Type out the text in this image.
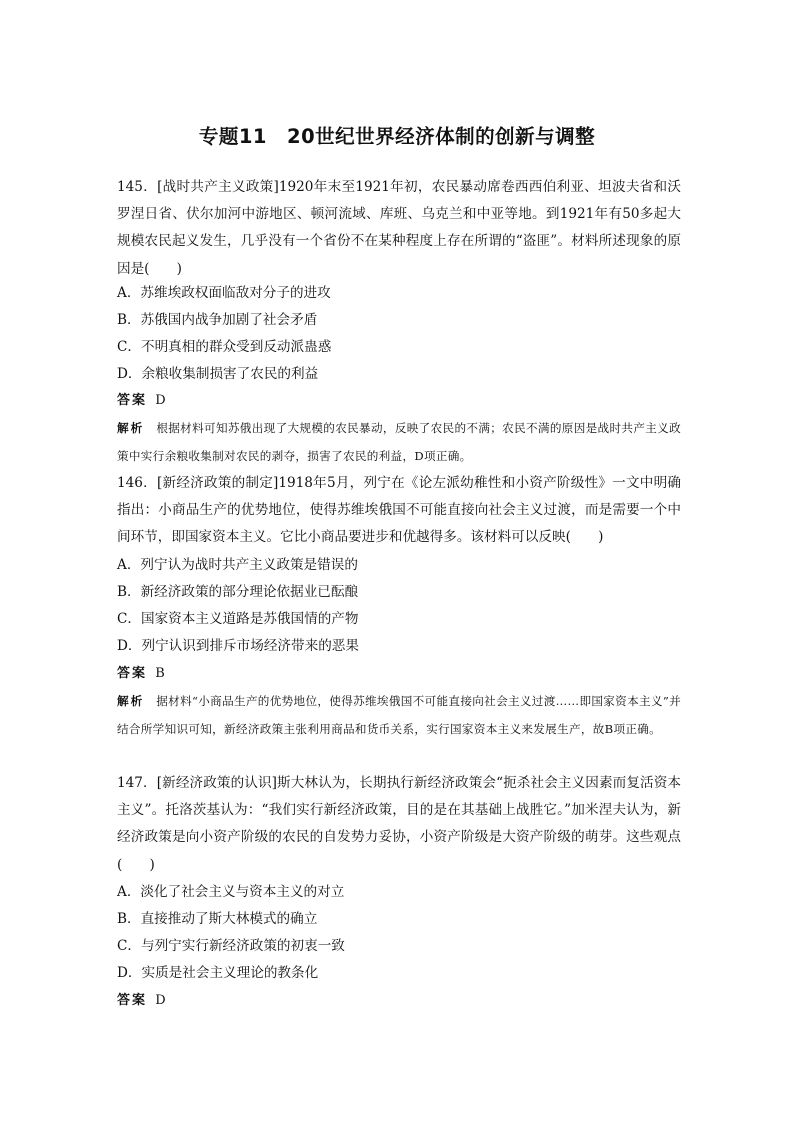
专题11　20世纪世界经济体制的创新与调整
145．[战时共产主义政策]1920年末至1921年初，农民暴动席卷西西伯利亚、坦波夫省和沃罗涅日省、伏尔加河中游地区、顿河流域、库班、乌克兰和中亚等地。到1921年有50多起大规模农民起义发生，几乎没有一个省份不在某种程度上存在所谓的“盗匪”。材料所述现象的原因是(　　)
A．苏维埃政权面临敌对分子的进攻
B．苏俄国内战争加剧了社会矛盾
C．不明真相的群众受到反动派蛊惑
D．余粮收集制损害了农民的利益
答案 D
解析 根据材料可知苏俄出现了大规模的农民暴动，反映了农民的不满；农民不满的原因是战时共产主义政策中实行余粮收集制对农民的剥夺，损害了农民的利益，D项正确。
146．[新经济政策的制定]1918年5月，列宁在《论左派幼稚性和小资产阶级性》一文中明确指出：小商品生产的优势地位，使得苏维埃俄国不可能直接向社会主义过渡，而是需要一个中间环节，即国家资本主义。它比小商品要进步和优越得多。该材料可以反映(　　)
A．列宁认为战时共产主义政策是错误的
B．新经济政策的部分理论依据业已酝酿
C．国家资本主义道路是苏俄国情的产物
D．列宁认识到排斥市场经济带来的恶果
答案 B
解析 据材料“小商品生产的优势地位，使得苏维埃俄国不可能直接向社会主义过渡……即国家资本主义”并结合所学知识可知，新经济政策主张利用商品和货币关系，实行国家资本主义来发展生产，故B项正确。
147．[新经济政策的认识]斯大林认为，长期执行新经济政策会“扼杀社会主义因素而复活资本主义”。托洛茨基认为：“我们实行新经济政策，目的是在其基础上战胜它。”加米涅夫认为，新经济政策是向小资产阶级的农民的自发势力妥协，小资产阶级是大资产阶级的萌芽。这些观点(　　)
A．淡化了社会主义与资本主义的对立
B．直接推动了斯大林模式的确立
C．与列宁实行新经济政策的初衷一致
D．实质是社会主义理论的教条化
答案 D
